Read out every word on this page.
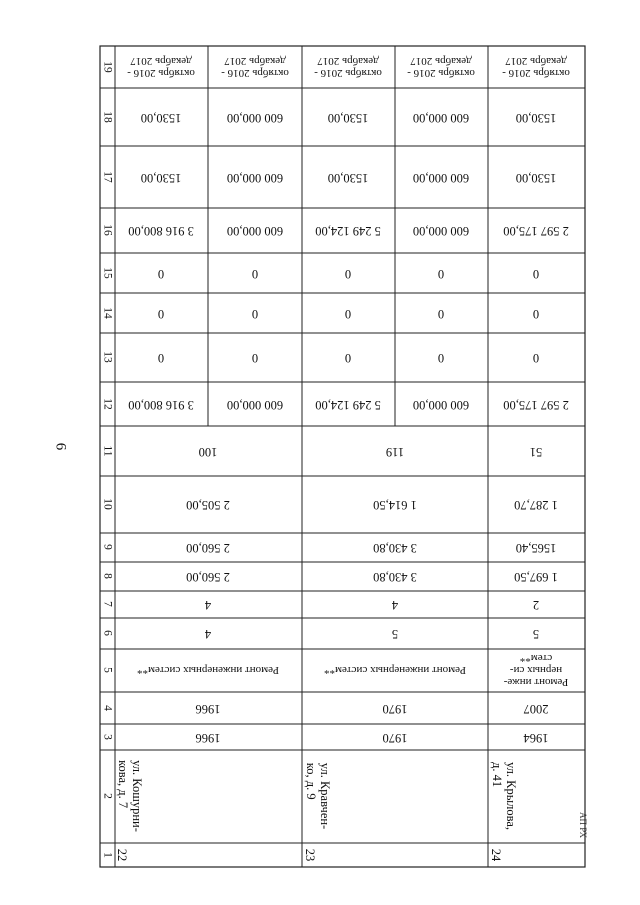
6
АП РХ
1
2
3
4
5
6
7
8
9
10
11
12
13
14
15
16
17
18
19
22
ул. Кошурни-
кова, д. 7
1966
1966
Ремонт инженерных систем**
4
4
2 560,00
2 560,00
2 505,00
100
3 916 800,00
0
0
0
3 916 800,00
1530,00
1530,00
октябрь 2016 -
декабрь 2017
600 000,00
0
0
0
600 000,00
600 000,00
600 000,00
октябрь 2016 -
декабрь 2017
23
ул. Кравчен-
ко, д. 9
1970
1970
Ремонт инженерных систем**
5
4
3 430,80
3 430,80
1 614,50
119
5 249 124,00
0
0
0
5 249 124,00
1530,00
1530,00
октябрь 2016 -
декабрь 2017
600 000,00
0
0
0
600 000,00
600 000,00
600 000,00
октябрь 2016 -
декабрь 2017
24
ул. Крылова,
д. 41
1964
2007
Ремонт инже-
нерных си-
стем**
5
2
1 697,50
1565,40
1 287,70
51
2 597 175,00
0
0
0
2 597 175,00
1530,00
1530,00
октябрь 2016 -
декабрь 2017
